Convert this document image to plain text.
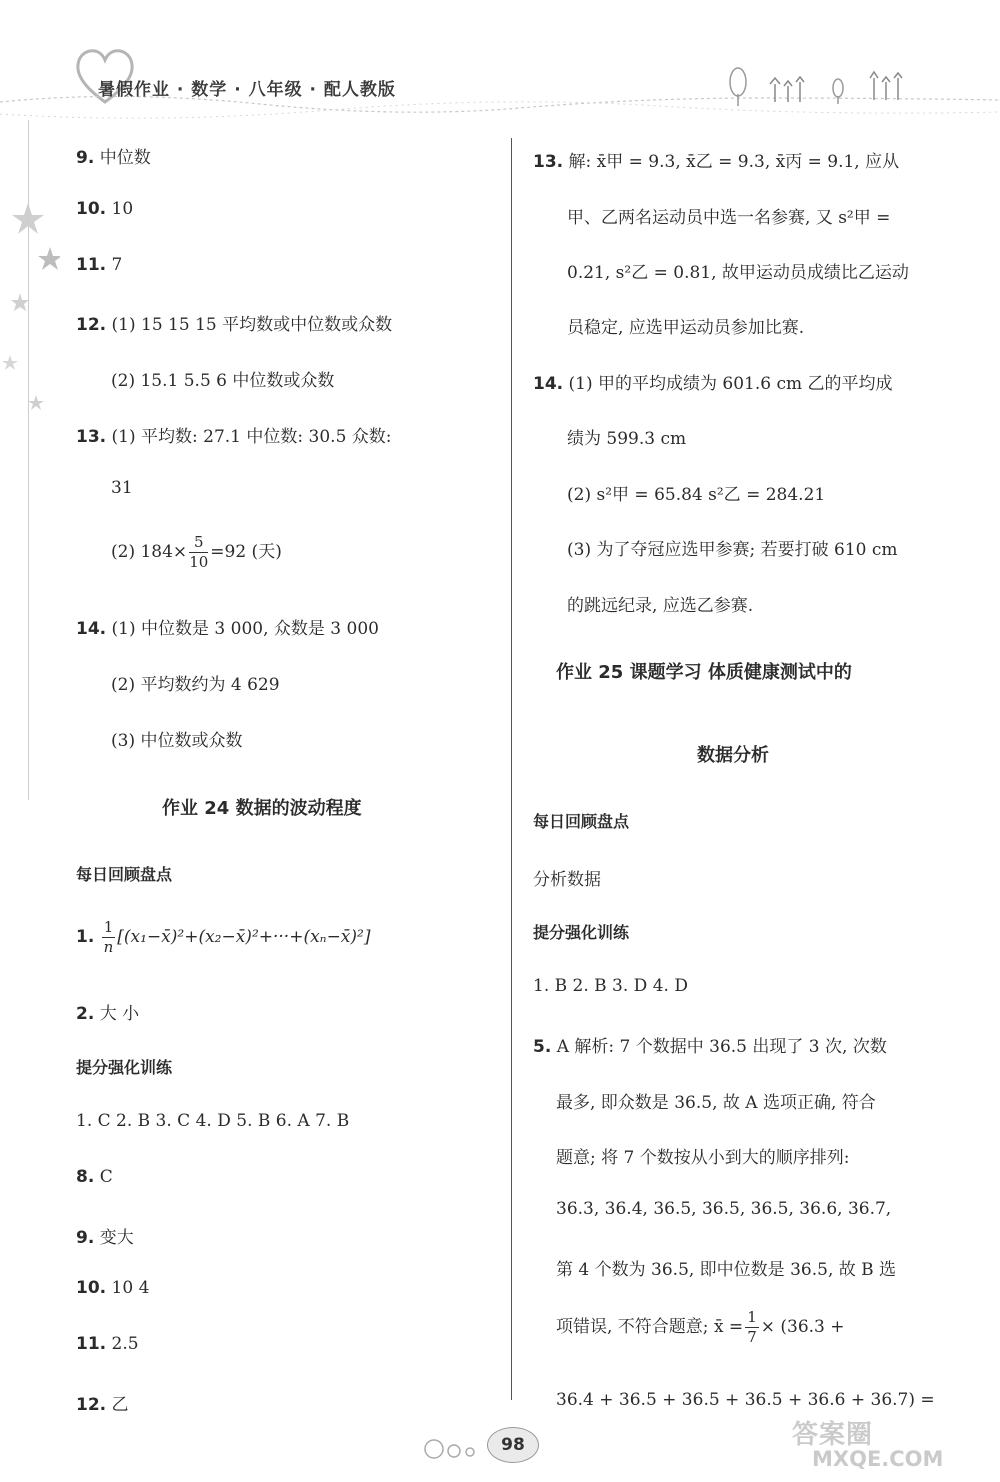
暑假作业 · 数学 · 八年级 · 配人教版
9. 中位数
10. 10
11. 7
12. (1) 15 15 15 平均数或中位数或众数
(2) 15.1 5.5 6 中位数或众数
13. (1) 平均数: 27.1 中位数: 30.5 众数:
31
(2) $184\times \frac{5}{10} =92$ (天)
14. (1) 中位数是 3 000, 众数是 3 000
(2) 平均数约为 4 629
(3) 中位数或众数
作业 24 数据的波动程度
每日回顾盘点
1. $\frac{1}{n}$ [(x₁−x̄)²+(x₂−x̄)²+···+(xₙ−x̄)²]
2. 大 小
提分强化训练
1. C 2. B 3. C 4. D 5. B 6. A 7. B
8. C
9. 变大
10. 10 4
11. 2.5
12. 乙
13. 解: x̄甲 = 9.3, x̄乙 = 9.3, x̄丙 = 9.1, 应从
甲、乙两名运动员中选一名参赛, 又 s²甲 =
0.21, s²乙 = 0.81, 故甲运动员成绩比乙运动
员稳定, 应选甲运动员参加比赛.
14. (1) 甲的平均成绩为 601.6 cm 乙的平均成
绩为 599.3 cm
(2) s²甲 = 65.84 s²乙 = 284.21
(3) 为了夺冠应选甲参赛; 若要打破 610 cm
的跳远纪录, 应选乙参赛.
作业 25 课题学习 体质健康测试中的
数据分析
每日回顾盘点
分析数据
提分强化训练
1. B 2. B 3. D 4. D
5. A 解析: 7 个数据中 36.5 出现了 3 次, 次数
最多, 即众数是 36.5, 故 A 选项正确, 符合
题意; 将 7 个数按从小到大的顺序排列:
36.3, 36.4, 36.5, 36.5, 36.5, 36.6, 36.7,
第 4 个数为 36.5, 即中位数是 36.5, 故 B 选
项错误, 不符合题意; x̄ = $\frac{1}{7} \times (36.3$ +
36.4 + 36.5 + 36.5 + 36.5 + 36.6 + 36.7) =
98	答案圈
MXQE.COM
